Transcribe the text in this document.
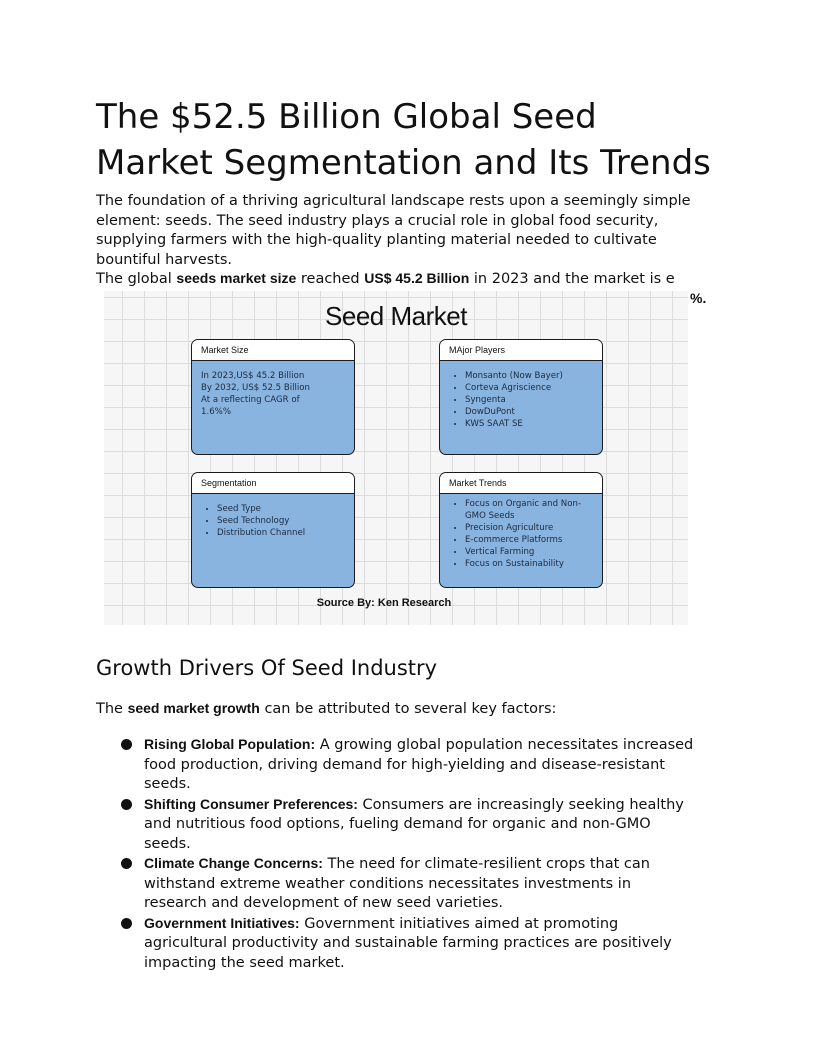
The $52.5 Billion Global Seed Market Segmentation and Its Trends

The foundation of a thriving agricultural landscape rests upon a seemingly simple element: seeds. The seed industry plays a crucial role in global food security, supplying farmers with the high-quality planting material needed to cultivate bountiful harvests.

The global seeds market size reached US$ 45.2 Billion in 2023 and the market is e

%.
Seed Market
Market Size

In 2023,US$ 45.2 Billion

By 2032, US$ 52.5 Billion

At a reflecting CAGR of

1.6%%

MAjor Players
• Monsanto (Now Bayer)
• Corteva Agriscience
• Syngenta
• DowDuPont
• KWS SAAT SE
Segmentation
• Seed Type
• Seed Technology
• Distribution Channel
Market Trends
• Focus on Organic and Non-GMO Seeds
• Precision Agriculture
• E-commerce Platforms
• Vertical Farming
• Focus on Sustainability
Source By: Ken Research
Growth Drivers Of Seed Industry

The seed market growth can be attributed to several key factors:

Rising Global Population: A growing global population necessitates increased food production, driving demand for high-yielding and disease-resistant seeds.
Shifting Consumer Preferences: Consumers are increasingly seeking healthy and nutritious food options, fueling demand for organic and non-GMO seeds.
Climate Change Concerns: The need for climate-resilient crops that can withstand extreme weather conditions necessitates investments in research and development of new seed varieties.
Government Initiatives: Government initiatives aimed at promoting agricultural productivity and sustainable farming practices are positively impacting the seed market.
